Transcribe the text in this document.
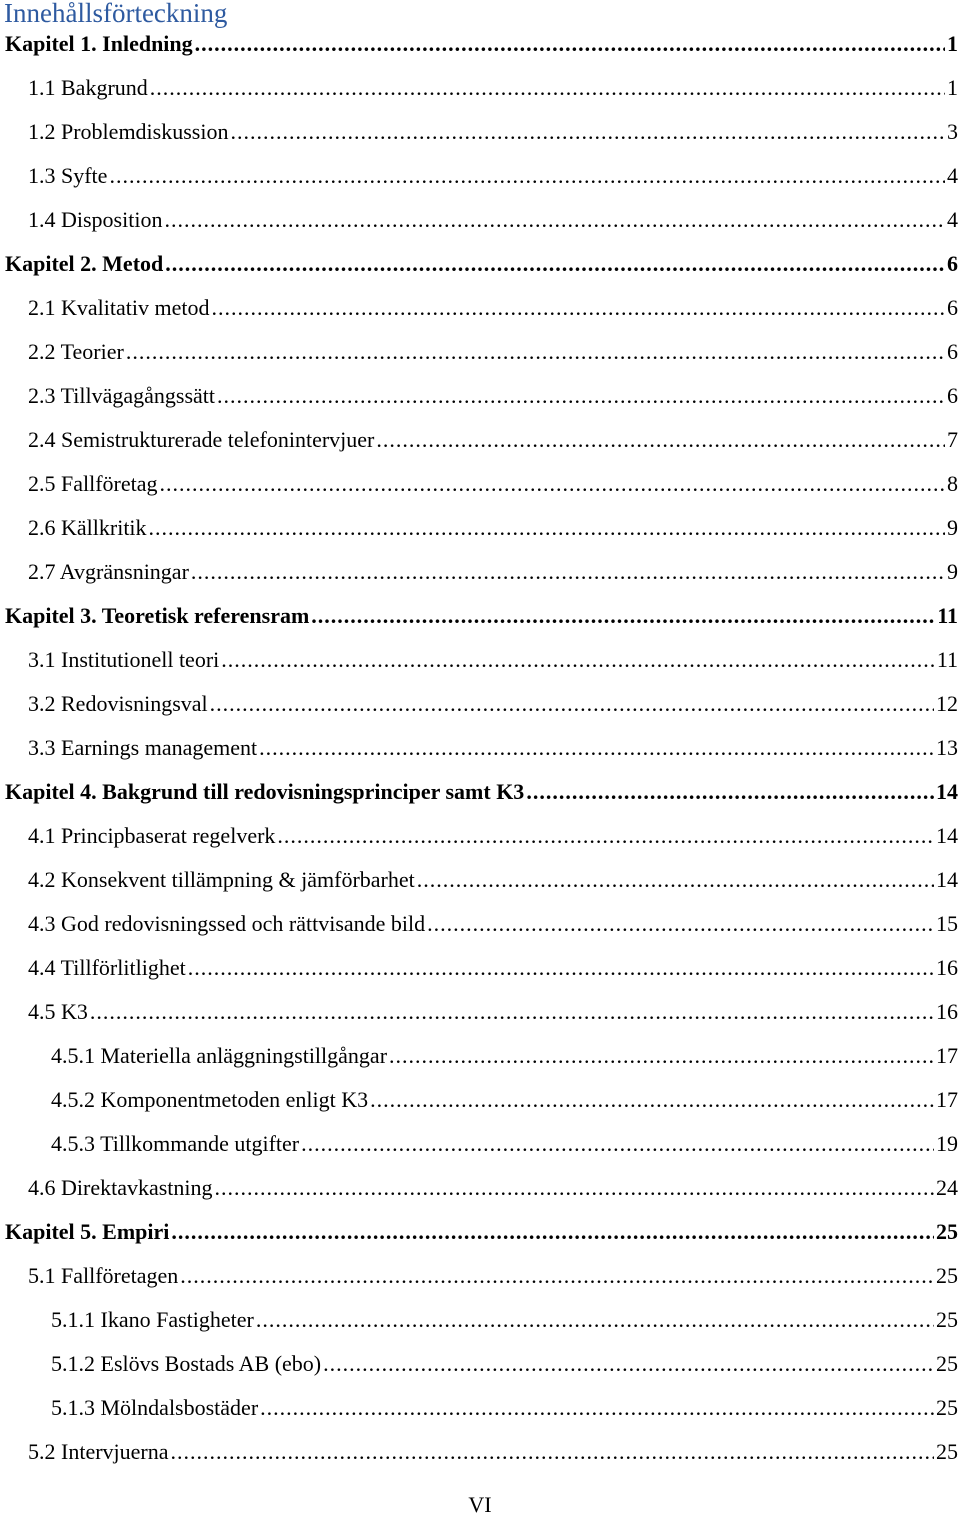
Innehållsförteckning
Kapitel 1. Inledning .....	1
1.1 Bakgrund .....	1
1.2 Problemdiskussion .....	3
1.3 Syfte .....	4
1.4 Disposition .....	4
Kapitel 2. Metod .....	6
2.1 Kvalitativ metod .....	6
2.2 Teorier .....	6
2.3 Tillvägagångssätt .....	6
2.4 Semistrukturerade telefonintervjuer .....	7
2.5 Fallföretag .....	8
2.6 Källkritik .....	9
2.7 Avgränsningar .....	9
Kapitel 3. Teoretisk referensram .....	11
3.1 Institutionell teori .....	11
3.2 Redovisningsval .....	12
3.3 Earnings management .....	13
Kapitel 4. Bakgrund till redovisningsprinciper samt K3 .....	14
4.1 Principbaserat regelverk .....	14
4.2 Konsekvent tillämpning & jämförbarhet .....	14
4.3 God redovisningssed och rättvisande bild .....	15
4.4 Tillförlitlighet .....	16
4.5 K3 .....	16
4.5.1 Materiella anläggningstillgångar .....	17
4.5.2 Komponentmetoden enligt K3 .....	17
4.5.3 Tillkommande utgifter .....	19
4.6 Direktavkastning .....	24
Kapitel 5. Empiri .....	25
5.1 Fallföretagen .....	25
5.1.1 Ikano Fastigheter .....	25
5.1.2 Eslövs Bostads AB (ebo) .....	25
5.1.3 Mölndalsbostäder .....	25
5.2 Intervjuerna .....	25
VI
